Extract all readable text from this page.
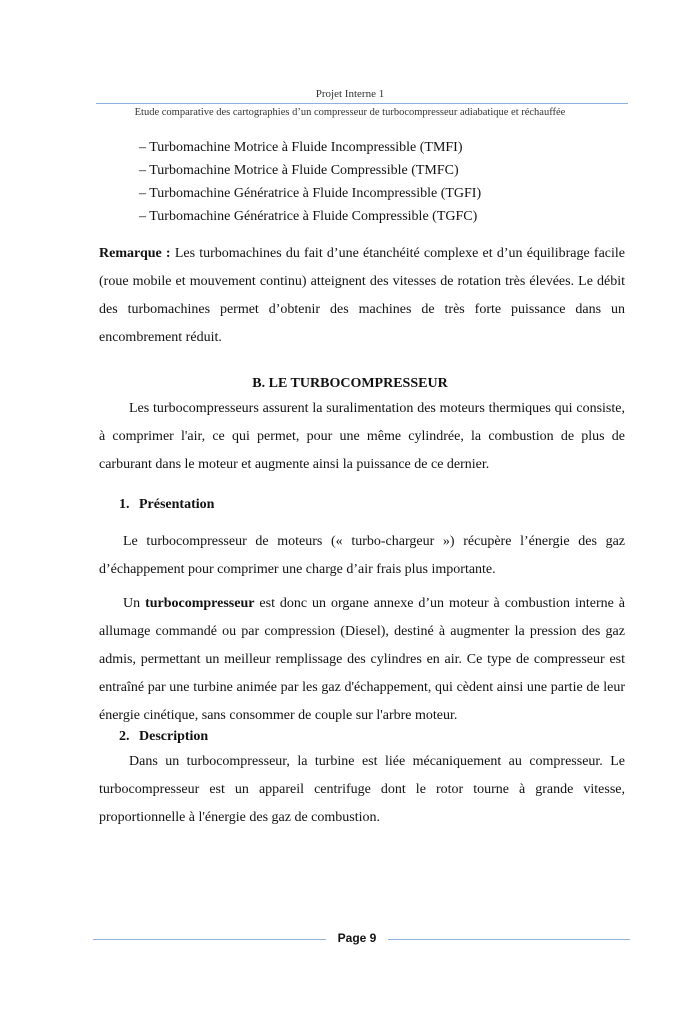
Projet Interne 1
Etude comparative des cartographies d’un compresseur de turbocompresseur adiabatique et réchauffée
– Turbomachine Motrice à Fluide Incompressible (TMFI)
– Turbomachine Motrice à Fluide Compressible (TMFC)
– Turbomachine Génératrice à Fluide Incompressible (TGFI)
– Turbomachine Génératrice à Fluide Compressible (TGFC)
Remarque : Les turbomachines du fait d’une étanchéité complexe et d’un équilibrage facile (roue mobile et mouvement continu) atteignent des vitesses de rotation très élevées. Le débit des turbomachines permet d’obtenir des machines de très forte puissance dans un encombrement réduit.
B. LE TURBOCOMPRESSEUR
Les turbocompresseurs assurent la suralimentation des moteurs thermiques qui consiste, à comprimer l'air, ce qui permet, pour une même cylindrée, la combustion de plus de carburant dans le moteur et augmente ainsi la puissance de ce dernier.
1. Présentation
Le turbocompresseur de moteurs (« turbo-chargeur ») récupère l’énergie des gaz d’échappement pour comprimer une charge d’air frais plus importante.
Un turbocompresseur est donc un organe annexe d’un moteur à combustion interne à allumage commandé ou par compression (Diesel), destiné à augmenter la pression des gaz admis, permettant un meilleur remplissage des cylindres en air. Ce type de compresseur est entraîné par une turbine animée par les gaz d'échappement, qui cèdent ainsi une partie de leur énergie cinétique, sans consommer de couple sur l'arbre moteur.
2. Description
Dans un turbocompresseur, la turbine est liée mécaniquement au compresseur. Le turbocompresseur est un appareil centrifuge dont le rotor tourne à grande vitesse, proportionnelle à l'énergie des gaz de combustion.
Page 9
